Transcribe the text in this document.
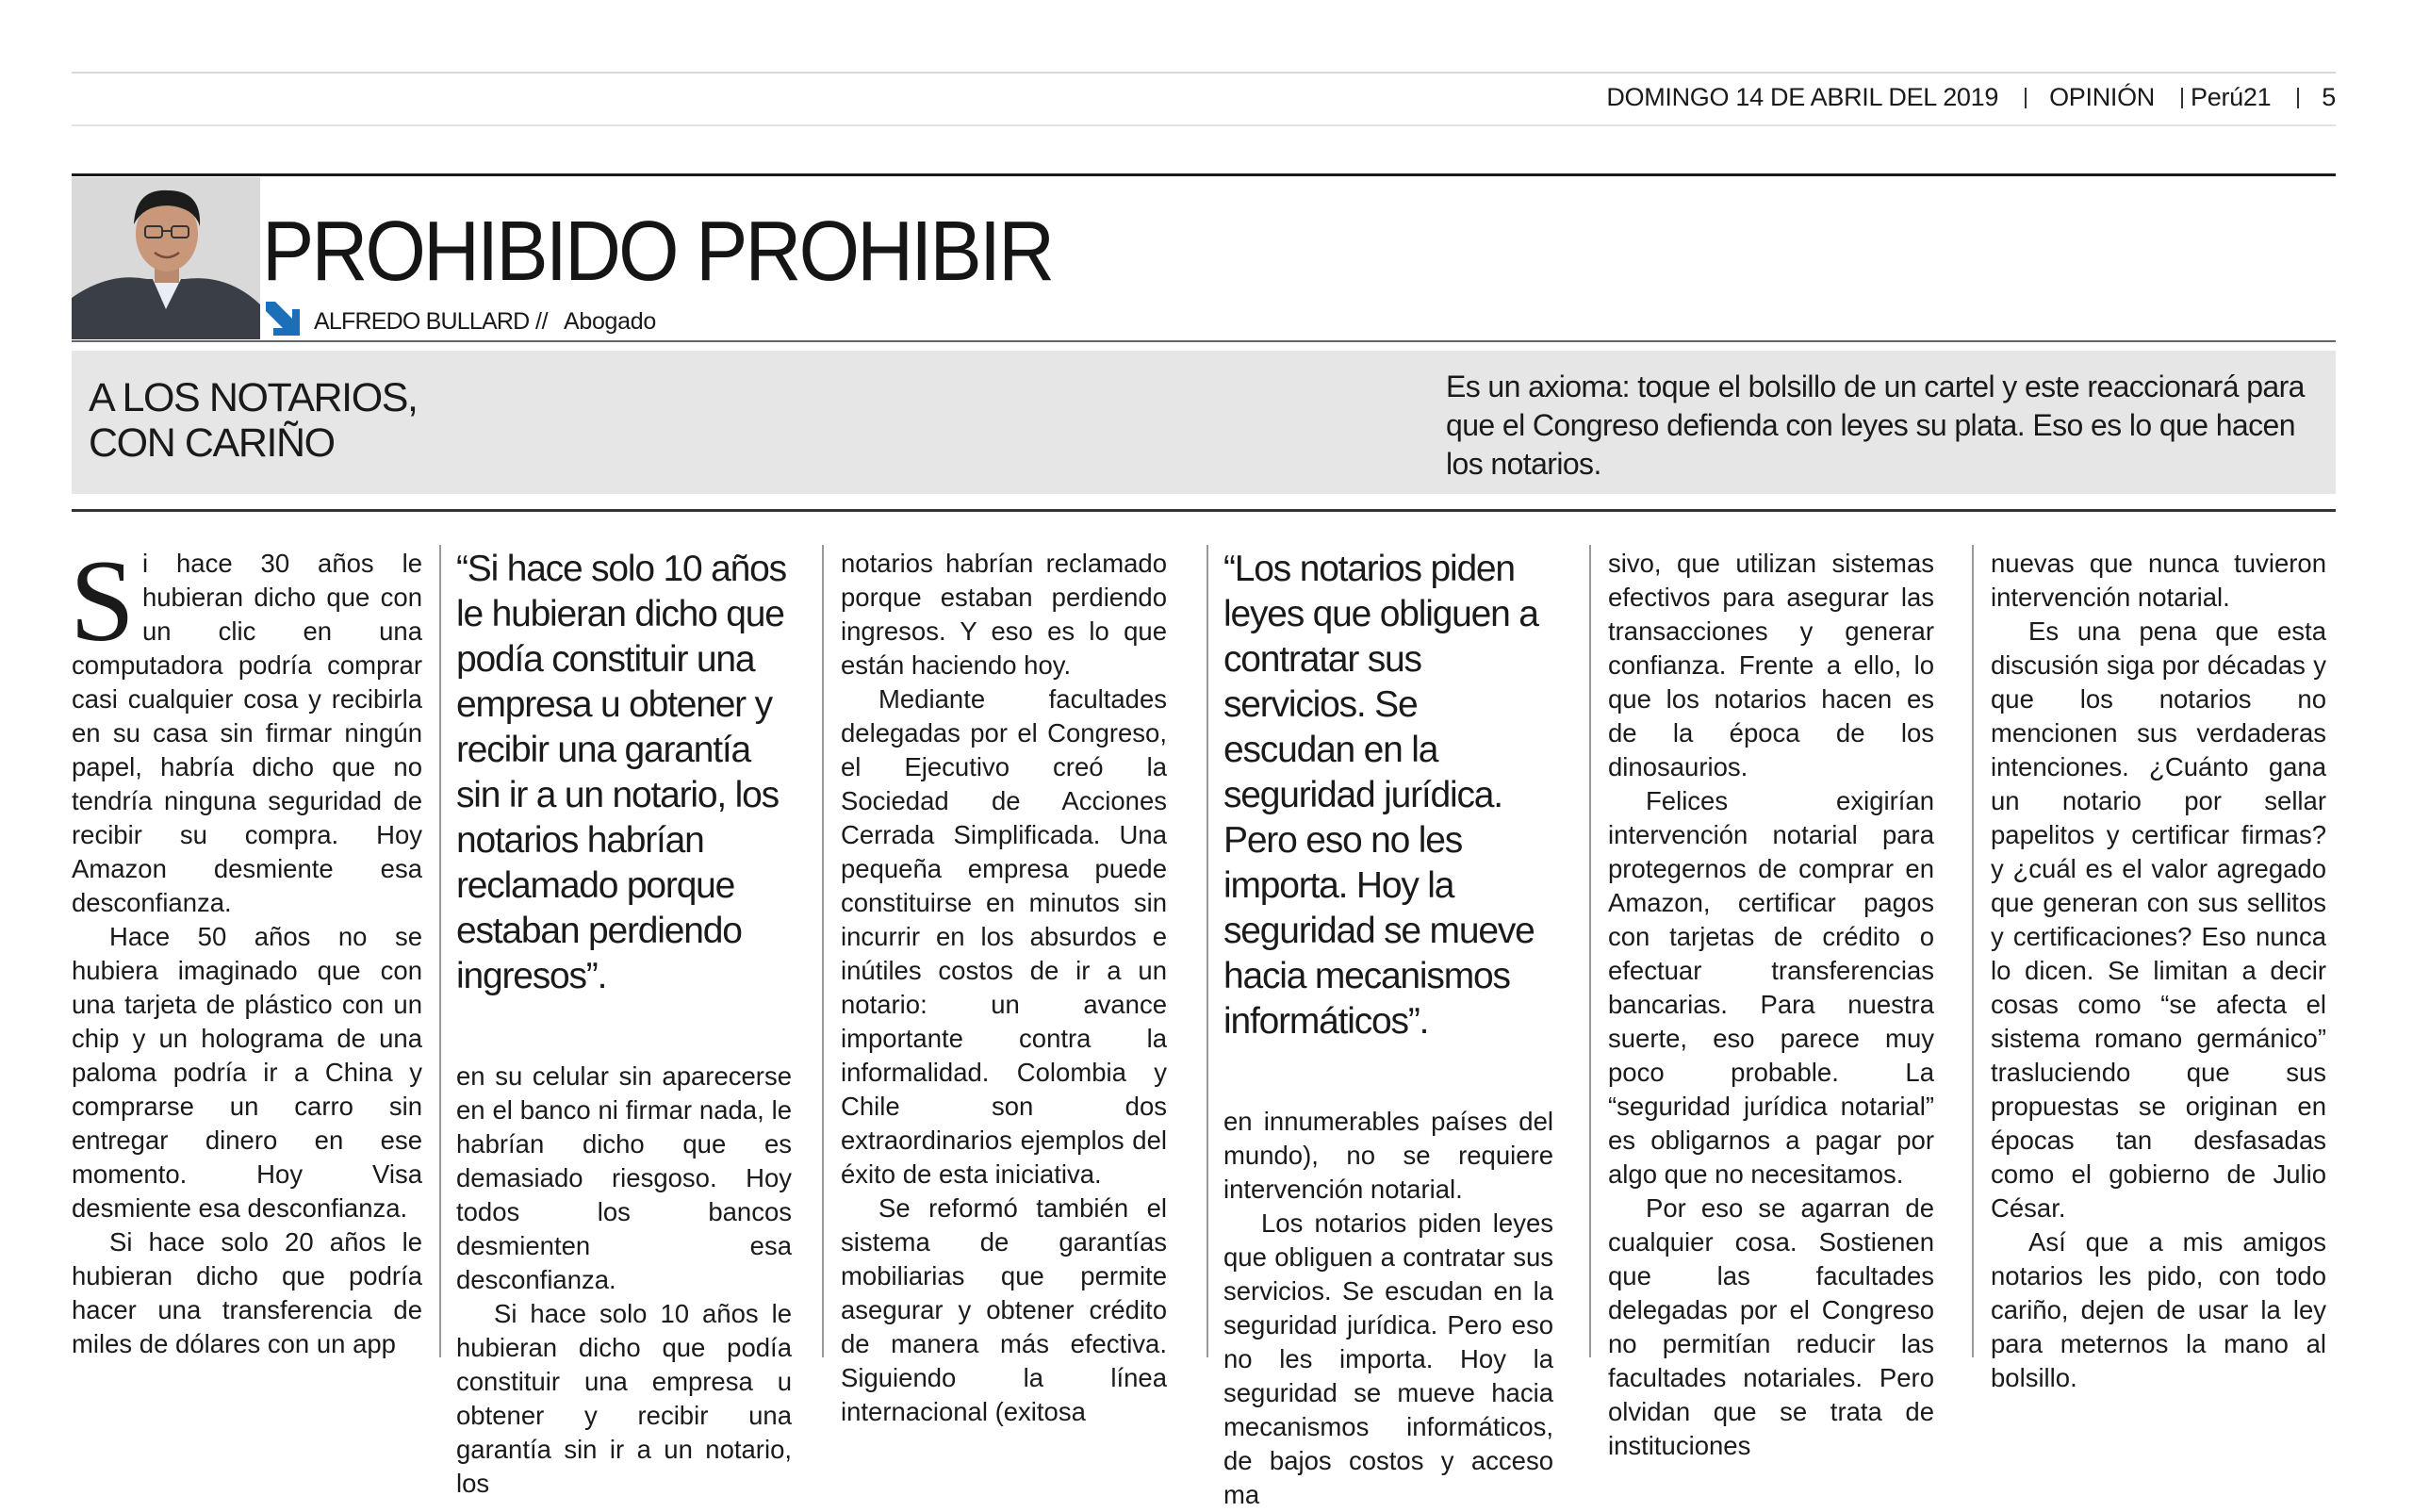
DOMINGO 14 DE ABRIL DEL 2019 OPINIÓN Perú21 5
PROHIBIDO PROHIBIR
ALFREDO BULLARD // Abogado
A LOS NOTARIOS,
CON CARIÑO
Es un axioma: toque el bolsillo de un cartel y este reaccionará para que el Congreso defienda con leyes su plata. Eso es lo que hacen los notarios.

Si hace 30 años le hubieran dicho que con un clic en una computadora podría comprar casi cualquier cosa y recibirla en su casa sin firmar ningún papel, habría dicho que no tendría ninguna seguridad de recibir su compra. Hoy Amazon desmiente esa desconfianza.

Hace 50 años no se hubiera imaginado que con una tarjeta de plástico con un chip y un holograma de una paloma podría ir a China y comprarse un carro sin entregar dinero en ese momento. Hoy Visa desmiente esa desconfianza.

Si hace solo 20 años le hubieran dicho que podría hacer una transferencia de miles de dólares con un app

“Si hace solo 10 años le hubieran dicho que podía constituir una empresa u obtener y recibir una garantía sin ir a un notario, los notarios habrían reclamado porque estaban perdiendo ingresos”.

en su celular sin aparecerse en el banco ni firmar nada, le habrían dicho que es demasiado riesgoso. Hoy todos los bancos desmienten esa desconfianza.

Si hace solo 10 años le hubieran dicho que podía constituir una empresa u obtener y recibir una garantía sin ir a un notario, los

notarios habrían reclamado porque estaban perdiendo ingresos. Y eso es lo que están haciendo hoy.

Mediante facultades delegadas por el Congreso, el Ejecutivo creó la Sociedad de Acciones Cerrada Simplificada. Una pequeña empresa puede constituirse en minutos sin incurrir en los absurdos e inútiles costos de ir a un notario: un avance importante contra la informalidad. Colombia y Chile son dos extraordinarios ejemplos del éxito de esta iniciativa.

Se reformó también el sistema de garantías mobiliarias que permite asegurar y obtener crédito de manera más efectiva. Siguiendo la línea internacional (exitosa

“Los notarios piden leyes que obliguen a contratar sus servicios. Se escudan en la seguridad jurídica. Pero eso no les importa. Hoy la seguridad se mueve hacia mecanismos informáticos”.

en innumerables países del mundo), no se requiere intervención notarial.

Los notarios piden leyes que obliguen a contratar sus servicios. Se escudan en la seguridad jurídica. Pero eso no les importa. Hoy la seguridad se mueve hacia mecanismos informáticos, de bajos costos y acceso ma

sivo, que utilizan sistemas efectivos para asegurar las transacciones y generar confianza. Frente a ello, lo que los notarios hacen es de la época de los dinosaurios.

Felices exigirían intervención notarial para protegernos de comprar en Amazon, certificar pagos con tarjetas de crédito o efectuar transferencias bancarias. Para nuestra suerte, eso parece muy poco probable. La “seguridad jurídica notarial” es obligarnos a pagar por algo que no necesitamos.

Por eso se agarran de cualquier cosa. Sostienen que las facultades delegadas por el Congreso no permitían reducir las facultades notariales. Pero olvidan que se trata de instituciones

nuevas que nunca tuvieron intervención notarial.

Es una pena que esta discusión siga por décadas y que los notarios no mencionen sus verdaderas intenciones. ¿Cuánto gana un notario por sellar papelitos y certificar firmas? y ¿cuál es el valor agregado que generan con sus sellitos y certificaciones? Eso nunca lo dicen. Se limitan a decir cosas como “se afecta el sistema romano germánico” trasluciendo que sus propuestas se originan en épocas tan desfasadas como el gobierno de Julio César.

Así que a mis amigos notarios les pido, con todo cariño, dejen de usar la ley para meternos la mano al bolsillo.
